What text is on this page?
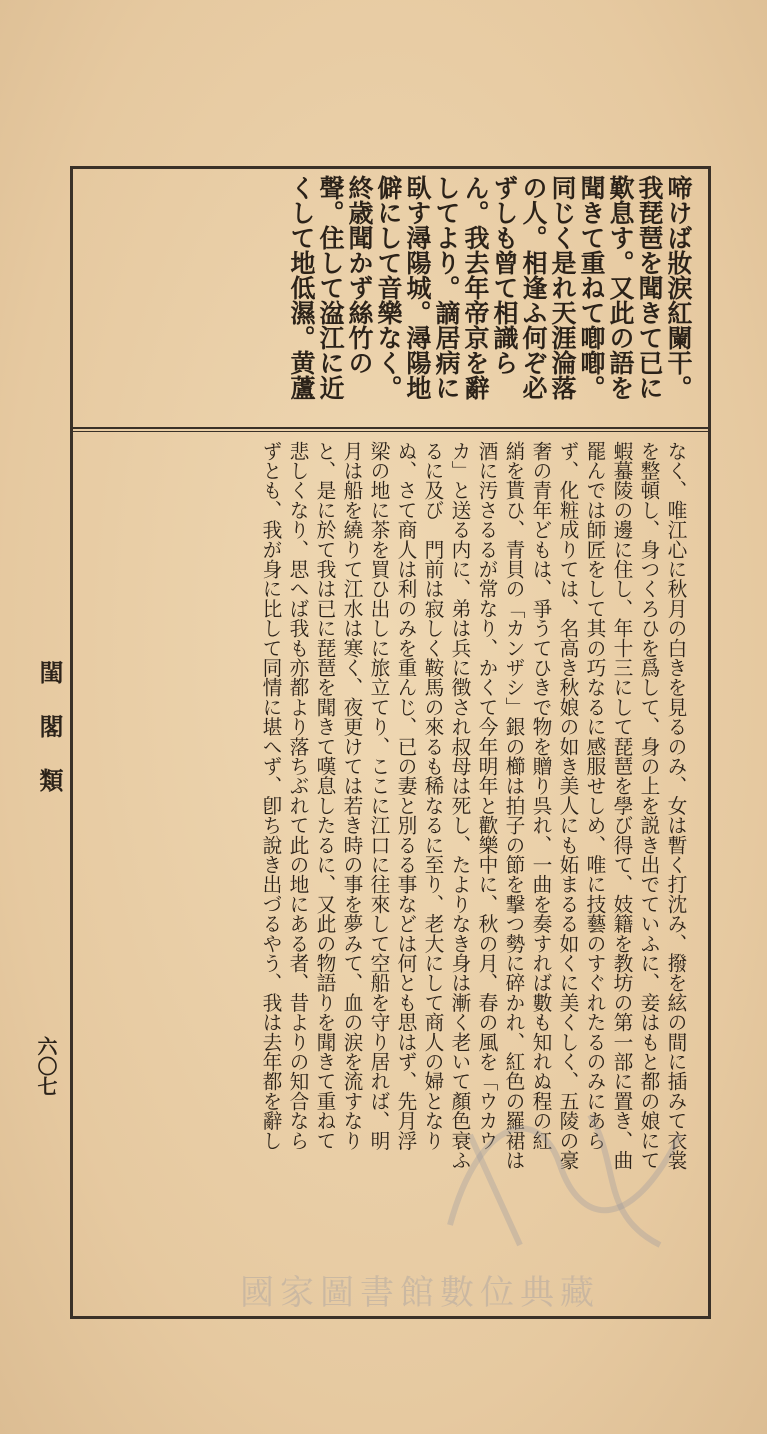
閨閣類
六〇七
啼けば妝涙紅闌干。
我琵琶を聞きて已に
歎息す。又此の語を
聞きて重ねて喞喞。
同じく是れ天涯淪落
の人。相逢ふ何ぞ必
ずしも曾て相識ら
ん。我去年帝京を辭
してより。謫居病に
臥す潯陽城。潯陽地
僻にして音樂なく。
終歳聞かず絲竹の
聲。住して湓江に近
くして地低濕。黄蘆
なく、唯江心に秋月の白きを見るのみ、女は暫く打沈み、撥を絃の間に插みて衣裳
を整頓し、身つくろひを爲して、身の上を説き出でていふに、妾はもと都の娘にて
蝦蟇陵の邊に住し、年十三にして琵琶を學び得て、妓籍を教坊の第一部に置き、曲
罷んでは師匠をして其の巧なるに感服せしめ、唯に技藝のすぐれたるのみにあら
ず、化粧成りては、名高き秋娘の如き美人にも妬まるる如くに美くしく、五陵の豪
奢の青年どもは、爭うてひきで物を贈り呉れ、一曲を奏すれば數も知れぬ程の紅
綃を貰ひ、青貝の「カンザシ」銀の櫛は拍子の節を撃つ勢に碎かれ、紅色の羅裙は
酒に汚さるるが常なり、かくて今年明年と歡樂中に、秋の月、春の風を「ウカウ
カ」と送る内に、弟は兵に徴され叔母は死し、たよりなき身は漸く老いて顏色衰ふ
るに及び　門前は寂しく鞍馬の來るも稀なるに至り、老大にして商人の婦となり
ぬ、さて商人は利のみを重んじ、已の妻と別るる事などは何とも思はず、先月浮
梁の地に茶を買ひ出しに旅立てり、ここに江口に往來して空船を守り居れば、明
月は船を繞りて江水は寒く、夜更けては若き時の事を夢みて、血の涙を流すなり
と、是に於て我は已に琵琶を聞きて嘆息したるに、又此の物語りを聞きて重ねて
悲しくなり、思へば我も亦都より落ちぶれて此の地にある者、昔よりの知合なら
ずとも、我が身に比して同情に堪へず、卽ち說き出づるやう、我は去年都を辭し
國家圖書館數位典藏
